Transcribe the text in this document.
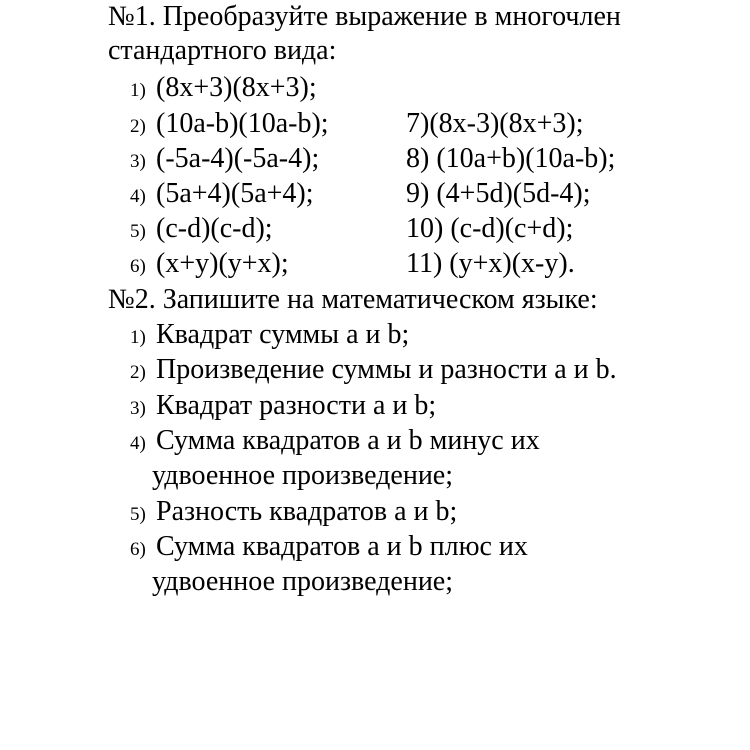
№1. Преобразуйте выражение в многочлен
стандартного вида:
1) (8x+3)(8x+3);
2) (10a-b)(10a-b);
3) (-5a-4)(-5a-4);
4) (5a+4)(5a+4);
5) (c-d)(c-d);
6) (x+y)(y+x);
7)(8x-3)(8x+3);
8) (10a+b)(10a-b);
9) (4+5d)(5d-4);
10) (c-d)(c+d);
11) (y+x)(x-y).
№2. Запишите на математическом языке:
1) Квадрат суммы a и b;
2) Произведение суммы и разности a и b.
3) Квадрат разности a и b;
4) Сумма квадратов a и b минус их
удвоенное произведение;
5) Разность квадратов a и b;
6) Сумма квадратов a и b плюс их
удвоенное произведение;
